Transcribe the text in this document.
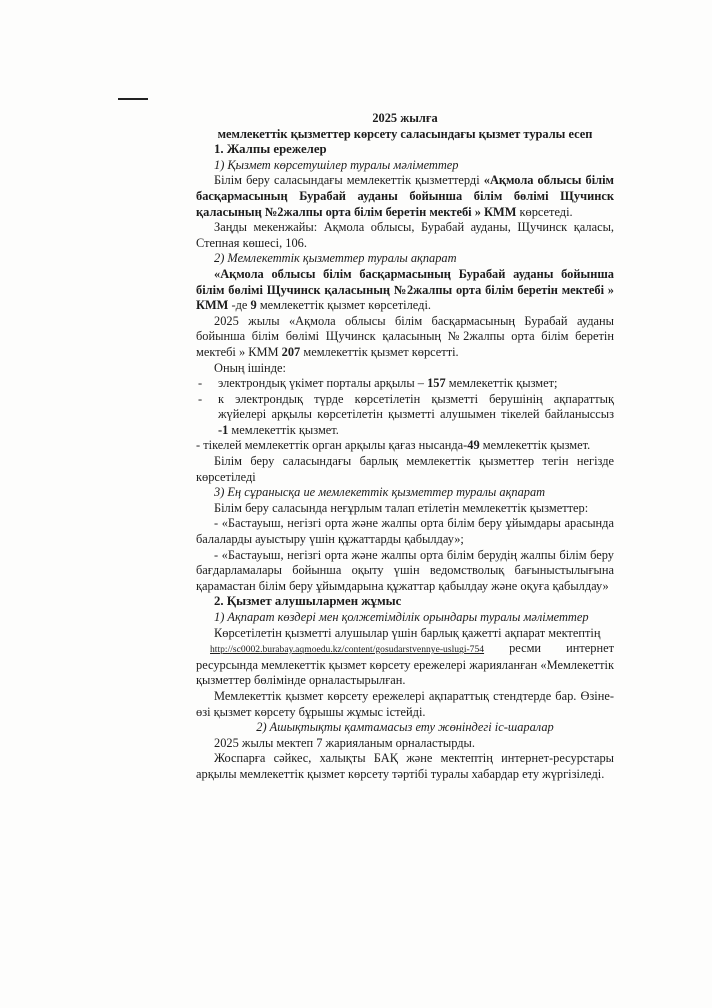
2025 жылға

мемлекеттік қызметтер көрсету саласындағы қызмет туралы есеп

1. Жалпы ережелер

1) Қызмет көрсетушілер туралы мәліметтер

Білім беру саласындағы мемлекеттік қызметтерді «Ақмола облысы білім басқармасының Бурабай ауданы бойынша білім бөлімі Щучинск қаласының №2жалпы орта білім беретін мектебі » КММ көрсетеді.

Заңды мекенжайы: Ақмола облысы, Бурабай ауданы, Щучинск қаласы, Степная көшесі, 106.

2) Мемлекеттік қызметтер туралы ақпарат

«Ақмола облысы білім басқармасының Бурабай ауданы бойынша білім бөлімі Щучинск қаласының №2жалпы орта білім беретін мектебі » КММ -де 9 мемлекеттік қызмет көрсетіледі.

2025 жылы «Ақмола облысы білім басқармасының Бурабай ауданы бойынша білім бөлімі Щучинск қаласының №2жалпы орта білім беретін мектебі » КММ 207 мемлекеттік қызмет көрсетті.

Оның ішінде:

-	электрондық үкімет порталы арқылы – 157 мемлекеттік қызмет;
-	к электрондық түрде көрсетілетін қызметті берушінің ақпараттық жүйелері арқылы көрсетілетін қызметті алушымен тікелей байланыссыз -1 мемлекеттік қызмет.

- тікелей мемлекеттік орган арқылы қағаз нысанда-49 мемлекеттік қызмет.

Білім беру саласындағы барлық мемлекеттік қызметтер тегін негізде көрсетіледі

3) Ең сұранысқа ие мемлекеттік қызметтер туралы ақпарат

Білім беру саласында неғұрлым талап етілетін мемлекеттік қызметтер:

- «Бастауыш, негізгі орта және жалпы орта білім беру ұйымдары арасында балаларды ауыстыру үшін құжаттарды қабылдау»;

- «Бастауыш, негізгі орта және жалпы орта білім берудің жалпы білім беру бағдарламалары бойынша оқыту үшін ведомстволық бағыныстылығына қарамастан білім беру ұйымдарына құжаттар қабылдау және оқуға қабылдау»

2. Қызмет алушылармен жұмыс

1) Ақпарат көздері мен қолжетімділік орындары туралы мәліметтер

Көрсетілетін қызметті алушылар үшін барлық қажетті ақпарат мектептің

http://sc0002.burabay.aqmoedu.kz/content/gosudarstvennye-uslugi-754 ресми интернет ресурсында мемлекеттік қызмет көрсету ережелері жарияланған «Мемлекеттік қызметтер бөлімінде орналастырылған.

Мемлекеттік қызмет көрсету ережелері ақпараттық стендтерде бар. Өзіне-өзі қызмет көрсету бұрышы жұмыс істейді.

2) Ашықтықты қамтамасыз ету жөніндегі іс-шаралар

2025 жылы мектеп 7 жарияланым орналастырды.

Жоспарға сәйкес, халықты БАҚ және мектептің интернет-ресурстары арқылы мемлекеттік қызмет көрсету тәртібі туралы хабардар ету жүргізіледі.
